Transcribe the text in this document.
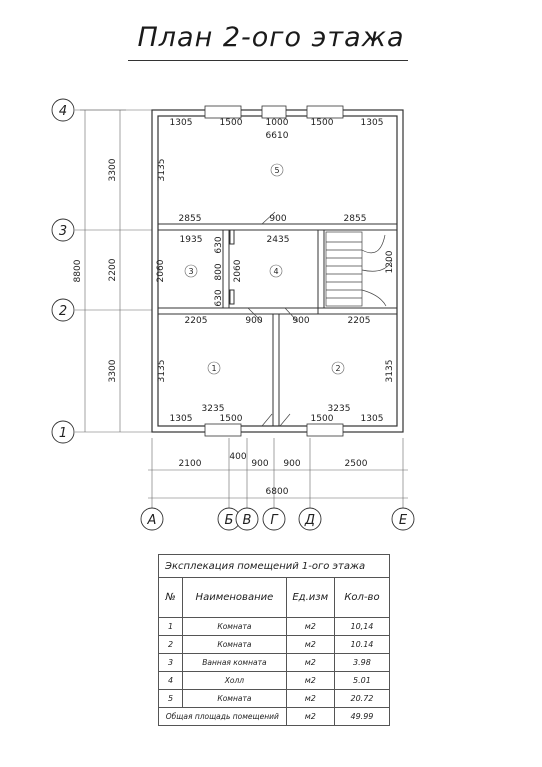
План 2-ого этажа
4
3
2
1
А	Б В Г Д	Е
8800
3300
2200
3300
2100
400
900 900	2500
6800
1305	1500	1000 1500	1305
6610
3135
2855	900	2855
1935	2435
2060	2060
630
800
630
1200
2205	900	900	2205
3135	3135
3235	3235
1305	1500	1500	1305
5
3	4
1	2
Эксплекация помещений 1-ого этажа			
№	Наименование	Ед.изм	Кол-во
1	Комната	м2	10,14
2	Комната	м2	10.14
3	Ванная комната	м2	3.98
4	Холл	м2	5.01
5	Комната	м2	20.72
Общая площадь помещений		м2	49.99
